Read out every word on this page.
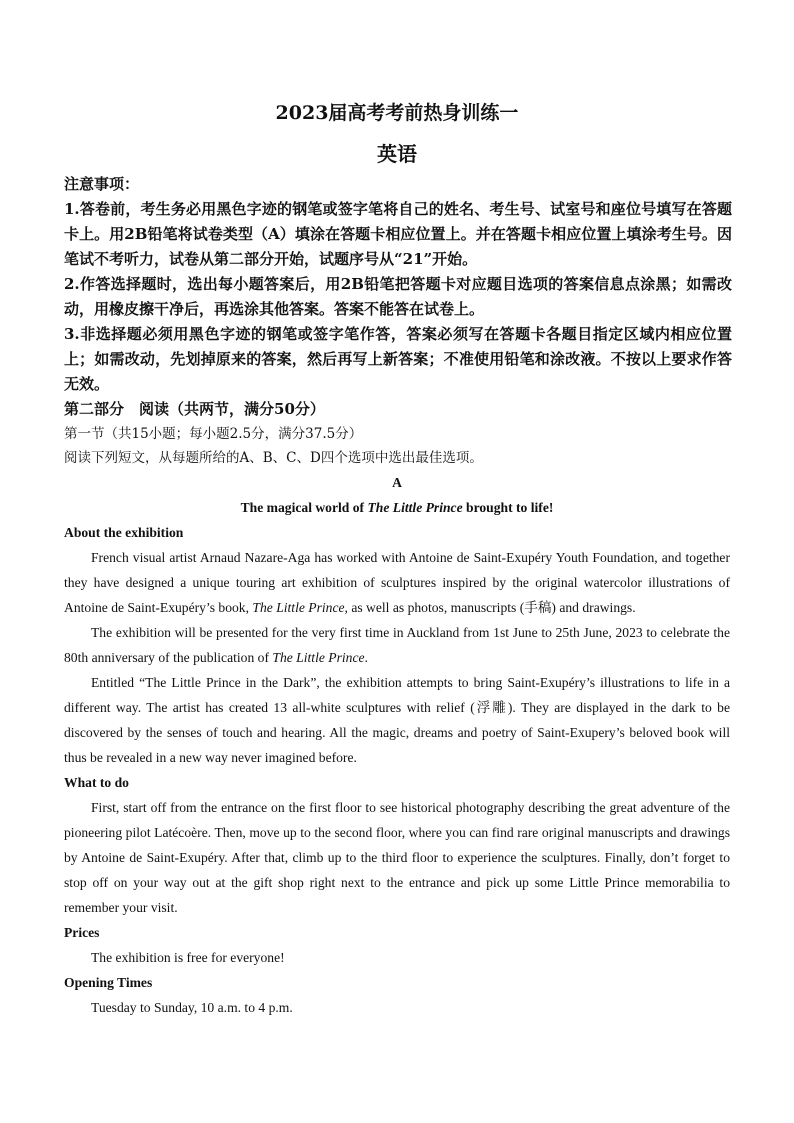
2023届高考考前热身训练一
英语

注意事项：

1.答卷前，考生务必用黑色字迹的钢笔或签字笔将自己的姓名、考生号、试室号和座位号填写在答题卡上。用2B铅笔将试卷类型（A）填涂在答题卡相应位置上。并在答题卡相应位置上填涂考生号。因笔试不考听力，试卷从第二部分开始，试题序号从“21”开始。

2.作答选择题时，选出每小题答案后，用2B铅笔把答题卡对应题目选项的答案信息点涂黑；如需改动，用橡皮擦干净后，再选涂其他答案。答案不能答在试卷上。

3.非选择题必须用黑色字迹的钢笔或签字笔作答，答案必须写在答题卡各题目指定区域内相应位置上；如需改动，先划掉原来的答案，然后再写上新答案；不准使用铅笔和涂改液。不按以上要求作答无效。

第二部分　阅读（共两节，满分50分）

第一节（共15小题；每小题2.5分，满分37.5分）

阅读下列短文，从每题所给的A、B、C、D四个选项中选出最佳选项。

A

The magical world of The Little Prince brought to life!

About the exhibition

French visual artist Arnaud Nazare-Aga has worked with Antoine de Saint-Exupéry Youth Foundation, and together they have designed a unique touring art exhibition of sculptures inspired by the original watercolor illustrations of Antoine de Saint-Exupéry’s book, The Little Prince, as well as photos, manuscripts (手稿) and drawings.

The exhibition will be presented for the very first time in Auckland from 1st June to 25th June, 2023 to celebrate the 80th anniversary of the publication of The Little Prince.

Entitled “The Little Prince in the Dark”, the exhibition attempts to bring Saint-Exupéry’s illustrations to life in a different way. The artist has created 13 all-white sculptures with relief (浮雕). They are displayed in the dark to be discovered by the senses of touch and hearing. All the magic, dreams and poetry of Saint-Exupery’s beloved book will thus be revealed in a new way never imagined before.

What to do

First, start off from the entrance on the first floor to see historical photography describing the great adventure of the pioneering pilot Latécoère. Then, move up to the second floor, where you can find rare original manuscripts and drawings by Antoine de Saint-Exupéry. After that, climb up to the third floor to experience the sculptures. Finally, don’t forget to stop off on your way out at the gift shop right next to the entrance and pick up some Little Prince memorabilia to remember your visit.

Prices

The exhibition is free for everyone!

Opening Times

Tuesday to Sunday, 10 a.m. to 4 p.m.
